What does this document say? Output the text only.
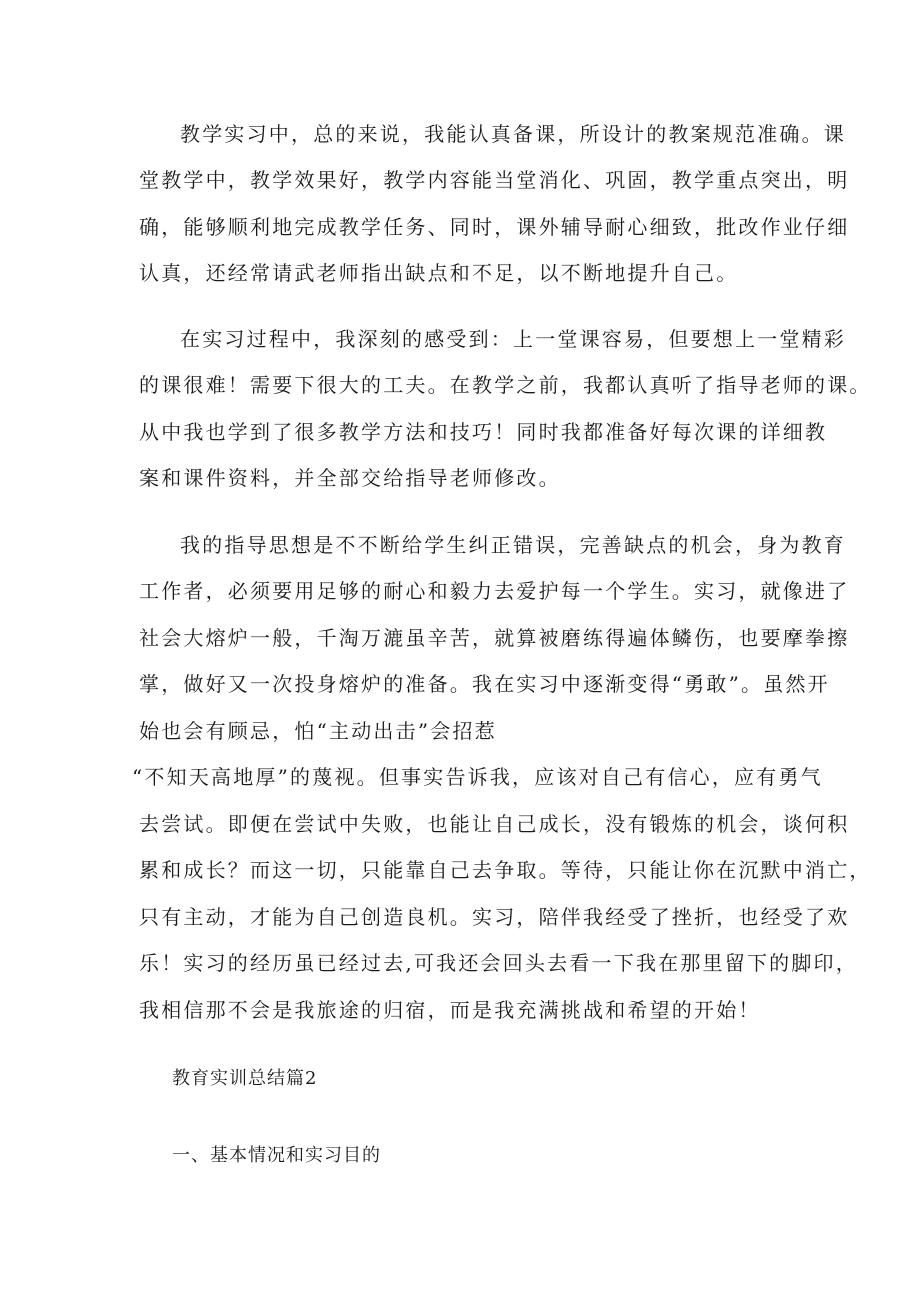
教学实习中，总的来说，我能认真备课，所设计的教案规范准确。课
堂教学中，教学效果好，教学内容能当堂消化、巩固，教学重点突出，明
确，能够顺利地完成教学任务、同时，课外辅导耐心细致，批改作业仔细
认真，还经常请武老师指出缺点和不足，以不断地提升自己。
在实习过程中，我深刻的感受到：上一堂课容易，但要想上一堂精彩
的课很难！需要下很大的工夫。在教学之前，我都认真听了指导老师的课。
从中我也学到了很多教学方法和技巧！同时我都准备好每次课的详细教
案和课件资料，并全部交给指导老师修改。
我的指导思想是不不断给学生纠正错误，完善缺点的机会，身为教育
工作者，必须要用足够的耐心和毅力去爱护每一个学生。实习，就像进了
社会大熔炉一般，千淘万漉虽辛苦，就算被磨练得遍体鳞伤，也要摩拳擦
掌，做好又一次投身熔炉的准备。我在实习中逐渐变得“勇敢”。虽然开
始也会有顾忌，怕“主动出击”会招惹
“不知天高地厚”的蔑视。但事实告诉我，应该对自己有信心，应有勇气
去尝试。即便在尝试中失败，也能让自己成长，没有锻炼的机会，谈何积
累和成长？而这一切，只能靠自己去争取。等待，只能让你在沉默中消亡，
只有主动，才能为自己创造良机。实习，陪伴我经受了挫折，也经受了欢
乐！实习的经历虽已经过去,可我还会回头去看一下我在那里留下的脚印，
我相信那不会是我旅途的归宿，而是我充满挑战和希望的开始！
教育实训总结篇2
一、基本情况和实习目的
